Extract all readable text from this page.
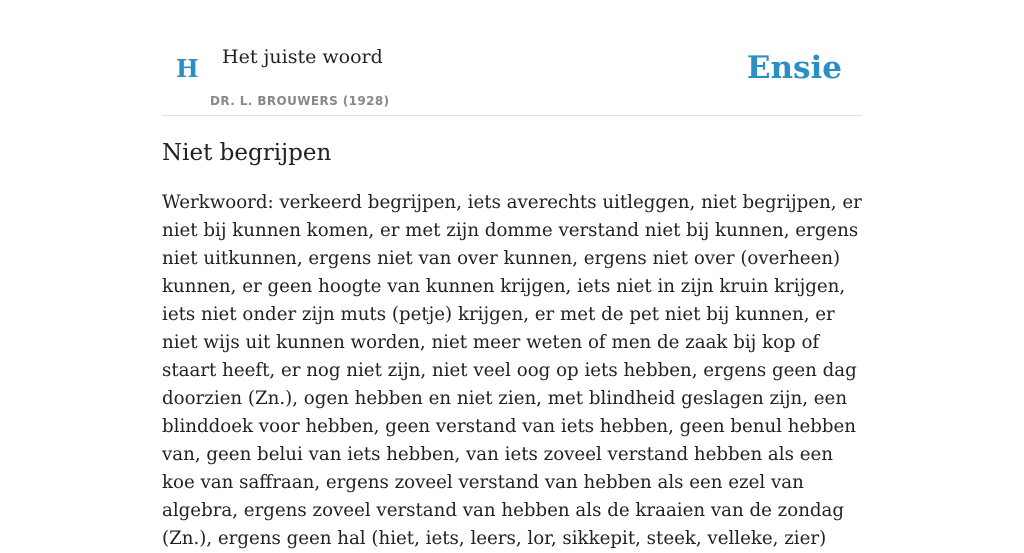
H Het juiste woord
DR. L. BROUWERS (1928)
Ensie
Niet begrijpen

Werkwoord: verkeerd begrijpen, iets averechts uitleggen, niet begrijpen, er niet bij kunnen komen, er met zijn domme verstand niet bij kunnen, ergens niet uitkunnen, ergens niet van over kunnen, ergens niet over (overheen) kunnen, er geen hoogte van kunnen krijgen, iets niet in zijn kruin krijgen, iets niet onder zijn muts (petje) krijgen, er met de pet niet bij kunnen, er niet wijs uit kunnen worden, niet meer weten of men de zaak bij kop of staart heeft, er nog niet zijn, niet veel oog op iets hebben, ergens geen dag doorzien (Zn.), ogen hebben en niet zien, met blindheid geslagen zijn, een blinddoek voor hebben, geen verstand van iets hebben, geen benul hebben van, geen belui van iets hebben, van iets zoveel verstand hebben als een koe van saffraan, ergens zoveel verstand van hebben als een ezel van algebra, ergens zoveel verstand van hebben als de kraaien van de zondag (Zn.), ergens geen hal (hiet, iets, leers, lor, sikkepit, steek, velleke, zier)
